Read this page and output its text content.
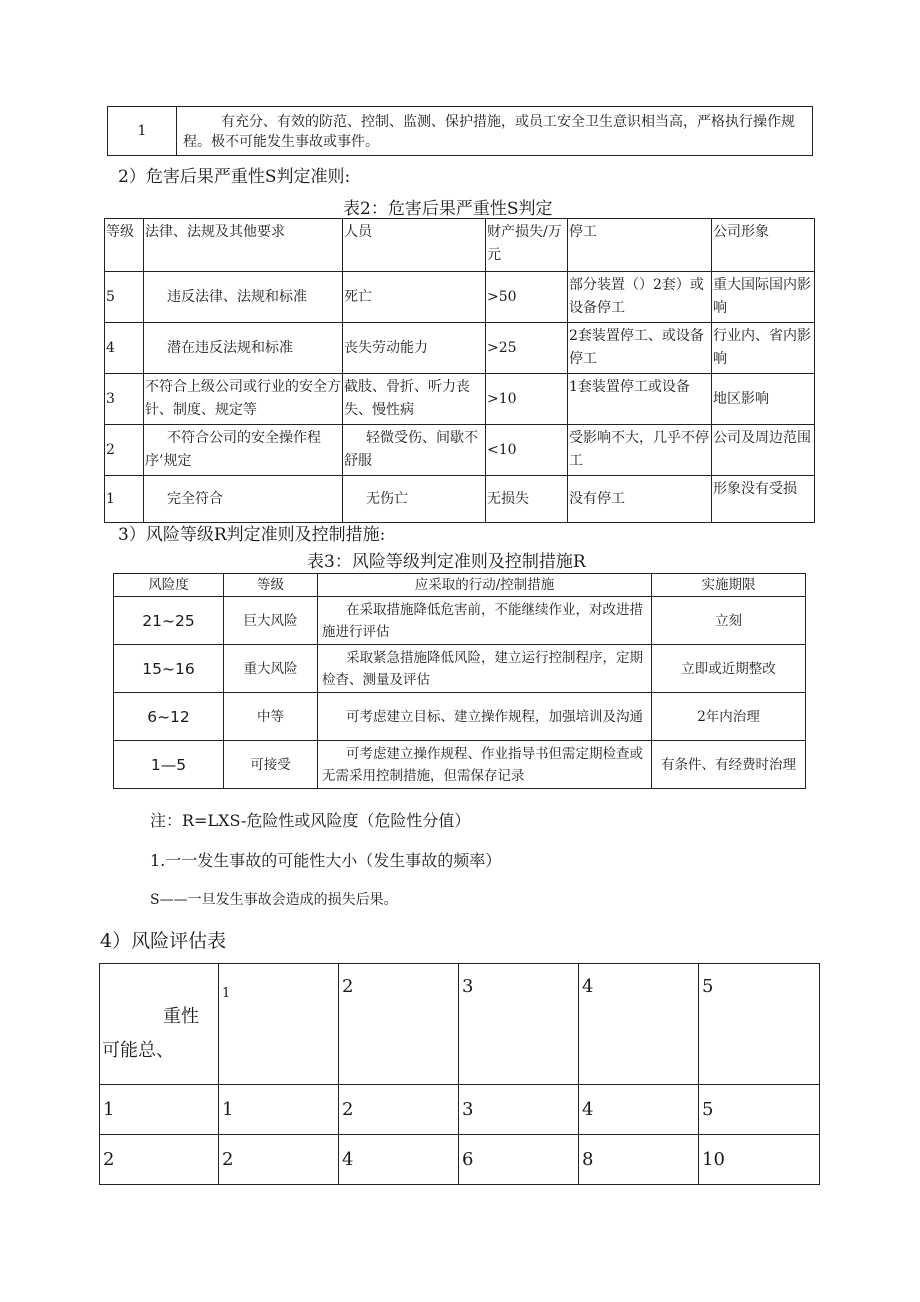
1	有充分、有效的防范、控制、监测、保护措施，或员工安全卫生意识相当高，严格执行操作规程。极不可能发生事故或事件。
2）危害后果严重性S判定准则:
表2：危害后果严重性S判定
等级	法律、法规及其他要求	人员	财产损失/万元	停工	公司形象
5	违反法律、法规和标准	死亡	>50	部分装置（）2套）或设备停工	重大国际国内影响
4	潜在违反法规和标准	丧失劳动能力	>25	2套装置停工、或设备停工	行业内、省内影响
3	不符合上级公司或行业的安全方针、制度、规定等	截肢、骨折、听力丧失、慢性病	>10	1套装置停工或设备	地区影响
2	不符合公司的安全操作程序’规定	轻微受伤、间歇不舒服	<10	受影响不大，几乎不停工	公司及周边范围
1	完全符合	无伤亡	无损失	没有停工	形象没有受损
3）风险等级R判定准则及控制措施:
表3：风险等级判定准则及控制措施R
风险度	等级	应采取的行动/控制措施	实施期限
21~25	巨大风险	在采取措施降低危害前，不能继续作业，对改进措施进行评估	立刻
15~16	重大风险	采取紧急措施降低风险，建立运行控制程序，定期检杳、测量及评估	立即或近期整改
6~12	中等	可考虑建立目标、建立操作规程，加强培训及沟通	2年内治理
1—5	可接受	可考虑建立操作规程、作业指导书但需定期检查或无需采用控制措施，但需保存记录	有条件、有经费时治理
注：R=LXS-危险性或风险度（危险性分值）
1.一一发生事故的可能性大小（发生事故的频率）
S——一旦发生事故会造成的损失后果。
4）风险评估表
重性
可能总、	1	2	3	4	5
1	1	2	3	4	5
2	2	4	6	8	10
